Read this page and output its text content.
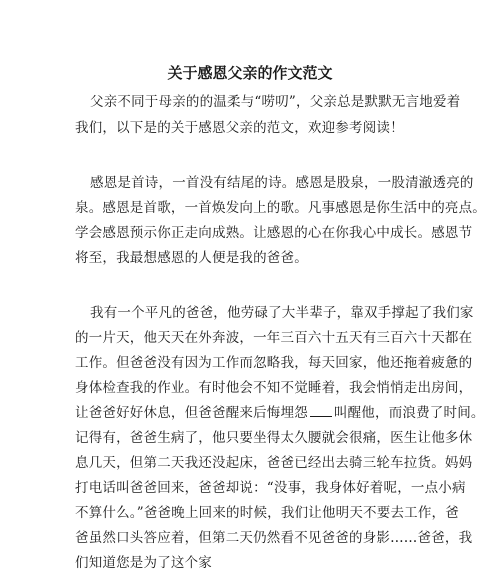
关于感恩父亲的作文范文
父亲不同于母亲的的温柔与“唠叨”，父亲总是默默无言地爱着
我们，以下是的关于感恩父亲的范文，欢迎参考阅读！
感恩是首诗，一首没有结尾的诗。感恩是股泉，一股清澈透亮的
泉。感恩是首歌，一首焕发向上的歌。凡事感恩是你生活中的亮点。
学会感恩预示你正走向成熟。让感恩的心在你我心中成长。感恩节
将至，我最想感恩的人便是我的爸爸。
我有一个平凡的爸爸，他劳碌了大半辈子，靠双手撑起了我们家
的一片天，他天天在外奔波，一年三百六十五天有三百六十天都在
工作。但爸爸没有因为工作而忽略我，每天回家，他还拖着疲惫的
身体检查我的作业。有时他会不知不觉睡着，我会悄悄走出房间，
让爸爸好好休息，但爸爸醒来后悔埋怨 叫醒他，而浪费了时间。
记得有，爸爸生病了，他只要坐得太久腰就会很痛，医生让他多休
息几天，但第二天我还没起床，爸爸已经出去骑三轮车拉货。妈妈
打电话叫爸爸回来，爸爸却说：“没事，我身体好着呢，一点小病
不算什么。”爸爸晚上回来的时候，我们让他明天不要去工作，爸
爸虽然口头答应着，但第二天仍然看不见爸爸的身影……爸爸，我
们知道您是为了这个家
